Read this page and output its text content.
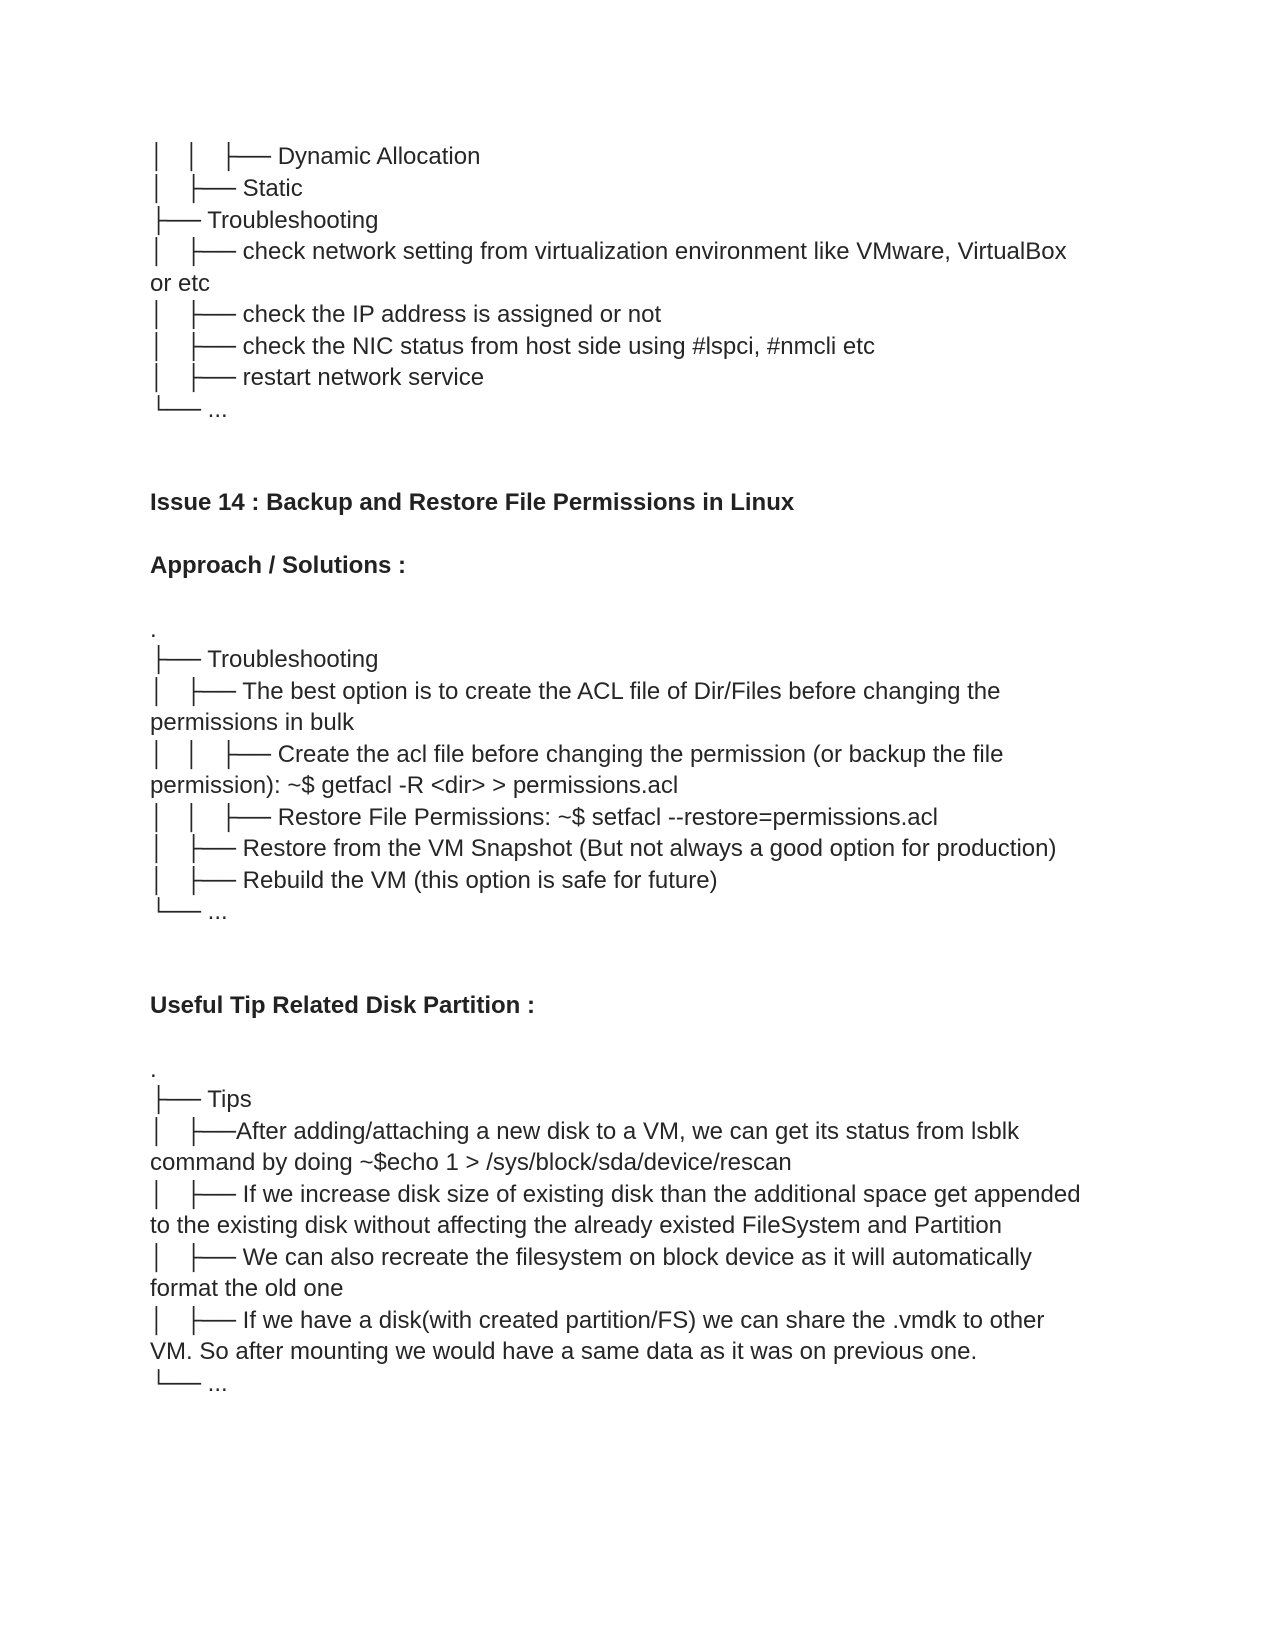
│   │   ├── Dynamic Allocation
│   ├── Static
├── Troubleshooting
│   ├── check network setting from virtualization environment like VMware, VirtualBox
or etc
│   ├── check the IP address is assigned or not
│   ├── check the NIC status from host side using #lspci, #nmcli etc
│   ├── restart network service
└── ...
Issue 14 : Backup and Restore File Permissions in Linux
Approach / Solutions :
.
├── Troubleshooting
│   ├── The best option is to create the ACL file of Dir/Files before changing the
permissions in bulk
│   │   ├── Create the acl file before changing the permission (or backup the file
permission): ~$ getfacl -R <dir> > permissions.acl
│   │   ├── Restore File Permissions: ~$ setfacl --restore=permissions.acl
│   ├── Restore from the VM Snapshot (But not always a good option for production)
│   ├── Rebuild the VM (this option is safe for future)
└── ...
Useful Tip Related Disk Partition :
.
├── Tips
│   ├──After adding/attaching a new disk to a VM, we can get its status from lsblk
command by doing ~$echo 1 > /sys/block/sda/device/rescan
│   ├── If we increase disk size of existing disk than the additional space get appended
to the existing disk without affecting the already existed FileSystem and Partition
│   ├── We can also recreate the filesystem on block device as it will automatically
format the old one
│   ├── If we have a disk(with created partition/FS) we can share the .vmdk to other
VM. So after mounting we would have a same data as it was on previous one.
└── ...
